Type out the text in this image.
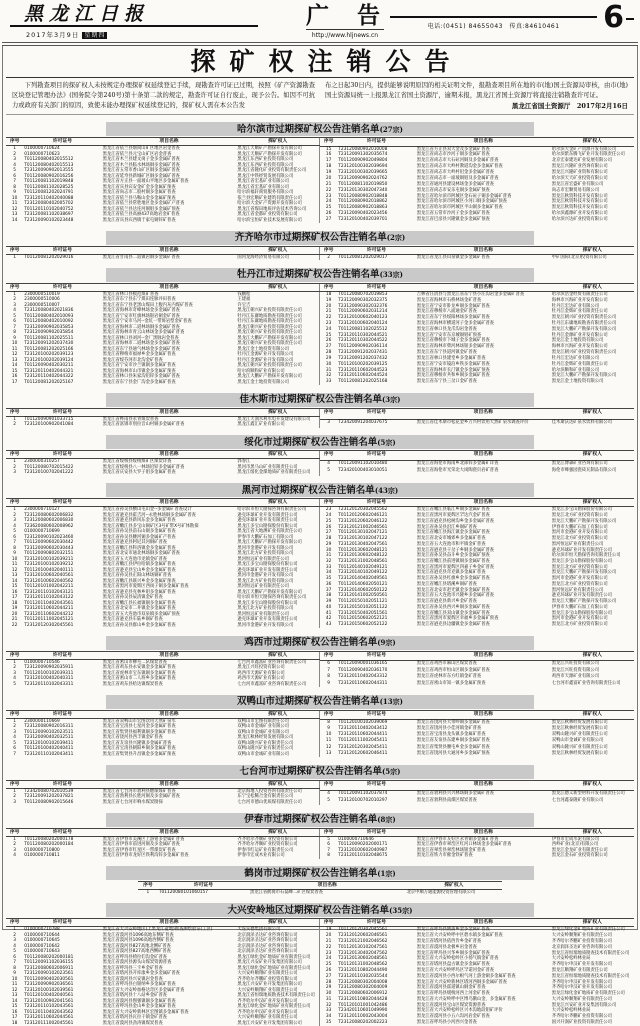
黑龙江日报
2017年3月9日 星期四
广 告
http://www.hljnews.cn
电话:(0451) 84655043　传真:84610461	6
探矿权注销公告

下列勘查项目的探矿权人未按规定办理探矿权延续登记手续，现勘查许可证已过期，按照《矿产资源勘查区块登记管理办法》(国务院令第240号)第十条第二款的规定，勘查许可证自行废止，现予公告。如因不可抗力或政府有关部门的原因，致使未能办理探矿权延续登记的，探矿权人需在本公告发

布之日起30日内，提供能够说明原因的相关证明文件，报勘查项目所在地的市(地)国土资源局审核，由市(地)国土资源局统一上报黑龙江省国土资源厅，逾期未报，黑龙江省国土资源厅将直接注销勘查许可证。
黑龙江省国土资源厅　2017年2月16日

哈尔滨市过期探矿权公告注销名单(27宗)
序号	许可证号	项目名称	探矿权人
1	0100000710624	黑龙江省依兰县烟筒山矿区地区岩金普查	黑龙江天顺矿产勘探开发有限公司
2	0100000710623	黑龙江省依兰县元宝山矿区岩金普查	黑龙江天顺矿产勘探开发有限公司
3	T01120080402015512	黑龙江省木兰县建文岗子金多金属矿普查	黑龙江东西矿业投资有限公司
4	T01120080402015513	黑龙江省木兰县临水林场铜多金属矿普查	黑龙江东西矿业投资有限公司
5	T23120090902013555	黑龙江省五常市香山矿区铜多金属矿普查	黑龙江省隆化矿业投资有限责任公司
6	T01120080902016256	黑龙江省延寿县新城矿区铜多金属矿普查	黑龙江中铁经贸发展有限公司
7	T01120081102019848	黑龙江省方正县一面坡山平地区多金属矿普查	黑龙江省宏基矿业有限公司
8	T01120081102028525	黑龙江省宾县宾安金矿金多金属矿预查	黑龙江省宏基矿业有限公司
9	T01120081202024791	黑龙江省尚志市二股村铜多金属矿普查	哈尔滨福轩商贸服务有限公司
10	T23120110402040088	黑龙江省依兰县马鞍山金多金属矿预查	依兰县宏顺矿业建筑有限责任公司
11	T23120080402005702	黑龙江省依兰县常胜地区金多金属矿产普查	哈尔滨大金矿产资源开发有限公司
12	T01120110102040752	黑龙江省依兰县达连河铜钼多金属矿预查	黑龙江省煤田地质评估技术咨询公司
13	T23120081102038697	黑龙江省依兰县高丽437高地岩金矿普查	黑龙江省金都矿业投资有限公司
14	T23120090102023448	黑龙江省宾县宾西镇于家屯铜锌矿普查	哈尔滨宝恒矿业技术发展有限公司
序号	许可证号	项目名称	探矿权人
15	T23120080902010008	黑龙江省方正县双大金及多金属矿普查	哈尔滨大金矿产资源开发有限公司
16	T23120091302035674	黑龙江省尚志市沙河子铜多金属矿普查	哈尔滨紫东腾飞矿业开发有限责任公司
17	T01120090902049804	黑龙江省尚志市大石砬河铜及多金属矿普查	北京宏泰建达矿业发展有限公司
18	T23120100302039694	黑龙江省尚志市大岭村教道沟金多金属矿普查	黑龙江兴隆矿业咨询有限公司
19	T23120100302039665	黑龙江省尚志市大岭村铅金多金属矿普查	黑龙江兴隆矿业资和有限公司
20	T23120090902024762	黑龙江省尚志市一面坡铜钼及多金属矿普查	哈尔滨天天矿业投资有限公司
21	T01120081102019850	黑龙江省通河县建设林场金多金属矿普查	黑龙江省宏盛矿业有限公司
22	T23120130302047340	黑龙江省尚志市安乐屯铜多金属矿预查	尚志市宏顺贸易有限公司
23	T01120080902018848	黑龙江省哈尔滨市阿城区金石砬子铜多金属矿普查	黑龙江秋资科技开发有限公司
24	T01120080902018862	黑龙江省哈尔滨市阿城区小河口铜多金属矿预查	黑龙江秋资科技开发有限公司
25	T01120080902018863	黑龙江省哈尔滨市阿城区平山铜多金属矿普查	黑龙江秋资科技开发有限公司
26	T23120090402023456	黑龙江省五常市沙河子金多金属矿普查	哈尔滨鑫源矿业开发有限公司
27	T23120100402039701	黑龙江省巴彦县兴隆镇金多金属矿预查	哈尔滨兴达矿业投资有限公司
齐齐哈尔市过期探矿权公告注销名单(2宗)
序号	许可证号	项目名称	探矿权人
1	T01120081202029016	黑龙江省甘南县二道镇岩铜多金属矿普查	国河龙海经济贸易有限公司
序号	许可证号	项目名称	探矿权人
2	T01120081202029017	黑龙江省龙江县山泉镇金多金属矿普查	中矿国际(北京)投资有限公司
牡丹江市过期探矿权公告注销名单(33宗)
序号	许可证号	项目名称	探矿权人
1	2300000510019	黑龙江省林口县模范煤矿普查	钱鹏程
2	2300000510006	黑龙江省东宁县东宁煤田连脉井田普查	王建福
3	2300000510007	黑龙江省东宁县老黑山煤田上腹内灰内煤矿普查	许宝吉
4	T23120080402021836	黑龙江省海林市奇峰林场金多金属矿普查	黑龙江朝兴矿业投资有限责任公司
5	T01120080402010093	黑龙江省宁安市红旗林场银岩铜金矿普查	牡丹江东庸地质勘查有限责任公司
6	T01120080402010092	黑龙江省宁安市马河--金坑一带斑岩型金矿普查	牡丹江东庸地质勘查有限责任公司
7	T23120090902035853	黑龙江省海林市二道林场铜多金属矿普查	黑龙江朝兴矿业投资有限责任公司
8	T23120090902035854	黑龙江省海林市青云山林场金多金属矿普查	黑龙江朝兴矿业投资有限责任公司
9	T01120081102025511	黑龙江省林口县刘河--金厂黑脉岩金普查	黑龙江大鹏矿产勘探开发有限公司
10	T23120091202037430	黑龙江省海林市二道林场金多金属矿普查	黑龙江朝兴矿业投资有限责任公司
11	T01120081202025166	黑龙江省东宁县通气林场金多金属矿普查	黑龙江金土地投资有限公司
12	T23120100202039123	黑龙江省穆棱市福禄乡金多金属矿普查	牡丹江金源矿业开发有限公司
13	T23120100202039124	黑龙江省绥芬河市北沟金矿普查	牡丹江金源矿业开发有限公司
14	T01120090402030211	黑龙江省宁安市沙兰镇铜多金属矿普查	黑龙江朝兴矿业投资有限责任公司
15	T23120110402044321	黑龙江省海林市山市镇金多金属矿预查	哈尔滨顺和矿业有限公司
16	T23120110402044322	黑龙江省林口县朱家沟铅锌多金属矿普查	黑龙江大鹏矿产勘探开发有限公司
17	T01120081202025167	黑龙江省东宁县金厂沟金多金属矿普查	黑龙江金土地投资有限公司
序号	许可证号	项目名称	探矿权人
18	T01120080702019853	吉林省汪清县与黑龙江省东宁县小汪沟岩金多金属矿普查	哈尔滨浩金经贸有限责任公司
19	T23120090302032375	黑龙江省海林市石桥林场金矿普查	海林市兴海矿业开发有限公司
20	T23120090302032376	黑龙江省宁安市卧龙乡铜多金属矿普查	牡丹江宏达矿业有限公司
21	T01120090602031214	黑龙江省穆棱市八面通金矿普查	牡丹江金辉矿业有限责任公司
22	T23120100602040123	黑龙江省东宁县绥阳林场多金属矿普查	黑龙江朝兴矿业投资有限责任公司
23	T23120100602040124	黑龙江省海林市横道河子金多金属矿普查	牡丹江东庸地质勘查有限责任公司
24	T01120081102025512	黑龙江省林口县龙爪沟岩金普查	黑龙江大鹏矿产勘探开发有限公司
25	T23120110302044521	黑龙江省宁安市东京城铜钼矿预查	牡丹江金源矿业开发有限公司
26	T23120110302044522	黑龙江省穆棱市下城子金多金属矿普查	黑龙江金土地投资有限公司
27	T01120090902036114	黑龙江省海林市柴河林场银多金属矿普查	海林市兴海矿业开发有限公司
28	T23120091202037431	黑龙江省东宁县道河镇金矿普查	黑龙江朝兴矿业投资有限责任公司
29	T23120091202037432	黑龙江省林口县建堂乡多金属矿普查	牡丹江宏达矿业有限公司
30	T01120100202039125	黑龙江省宁安市镜泊乡铁多金属矿普查	牡丹江金辉矿业有限责任公司
31	T23120110602044523	黑龙江省海林市长汀镇金多金属矿预查	哈尔滨顺和矿业有限公司
32	T23120110602044524	黑龙江省穆棱市共和乡铜多金属矿普查	黑龙江大鹏矿产勘探开发有限公司
33	T01120081202025168	黑龙江省东宁县三岔口金矿普查	黑龙江金土地投资有限公司
佳木斯市过期探矿权公告注销名单(3宗)
序号	许可证号	项目名称	探矿权人
1	T01120090901033715	黑龙江省桦南县永青煤炭普查	黑龙江天润水利水电开发建设有限公司
2	T23120100902041084	黑龙江省富锦市别拉音山村铜多金属矿普查	黑龙江鑫汇矿业有限公司
序号	许可证号	项目名称	探矿权人
3	T23420091204037675	黑龙江省佳木斯市松花金乡万兴村饮用天然矿泉水调查评价	佳木斯沃达矿泉水饮料有限公司
绥化市过期探矿权公告注销名单(5宗)
序号	许可证号	项目名称	探矿权人
1	2300000310257	黑龙江省绥棱县绥棱煤矿区煤炭详查	郭春江
2	T01120080702015422	黑龙江省绥棱县八一林场铅锌多金属矿普查	黑河市黑马山矿业有限责任公司
3	T23120100702041222	黑龙江省庆安县大罗子钼多金属矿普查	黑龙江绥化金煤地质矿业有限责任公司
序号	许可证号	项目名称	探矿权人
4	T01120091102010480	黑龙江省海伦市海南乡北部锌多金属矿详查	黑龙江博森矿业咨询有限公司
5	T23420100403010051	黑龙江省海伦市光荣北大岗陶瓷页岩矿普查	海伦市峰强园瓷砖瓦制品有限公司
黑河市过期探矿权公告注销名单(43宗)
序号	许可证号	项目名称	探矿权人
1	2300000710127	黑龙江省孙吴县横山屯山金--多金属矿普查设计	哈尔滨市恒天勘探咨询有限责任公司
2	T23120080602006832	黑龙江省逊克县霍吉河--永胜林场铜多金属矿普查	逊克环球矿业开发有限责任公司
3	T23120080602006830	黑龙江省逊克县新风东金多金属矿普查	逊克环球矿业开发有限责任公司
4	T23620080602008962	黑龙江省嫩江县多宝山铜矿区3号矿带X号矿体勘探	黑龙江多宝山勘探股份有限公司
5	0100000710699	黑龙江省孙吴县前石山铜多金属矿普查	黑龙江省大地测矿业有限责任公司
6	T23120090102023460	黑龙江省孙吴县腰河铜多金属矿产普查	伊春市大鹏矿石加工有限公司
7	T01120090602030442	黑龙江省逊克县阿尼其河铜矿普查	黑龙江天鹏矿产勘探开发有限公司
8	T23120090602030443	黑龙江省嫩江县科洛镇金多金属矿普查	黑河市金港矿业开发有限公司
9	T01120090802032151	黑龙江省北安市通北林场铜多金属矿普查	黑龙江北方矿业投资有限公司
10	T23120100102039211	黑龙江省五大连池市龙镇金矿普查	黑河恒远矿业有限责任公司
11	T23120100102039212	黑龙江省嫩江县伊拉哈镇多金属矿普查	黑龙江多宝山勘探股份有限公司
12	T01120100402040111	黑龙江省逊克县宝山乡金多金属矿普查	逊克环球矿业开发有限责任公司
13	T23120100602040561	黑龙江省孙吴县正阳山林场铜矿普查	黑河市金港矿业开发有限公司
14	T23120100602040562	黑龙江省嫩江县联兴乡金多金属矿预查	黑龙江北方矿业投资有限公司
15	T01120101002042211	黑龙江省黑河市爱辉区西岗子铜多金属矿普查	黑河恒远矿业有限责任公司
16	T23120110102043121	黑龙江省逊克县克林乡钼多金属矿普查	黑龙江天鹏矿产勘探开发有限公司
17	T23120110102043122	黑龙江省孙吴县辰清镇金矿普查	哈尔滨市恒天勘探咨询有限责任公司
18	T01120110402043561	黑龙江省嫩江县长福镇铜多金属矿普查	黑龙江多宝山勘探股份有限公司
19	T23120110602044211	黑龙江省北安市二井镇金多金属矿普查	黑龙江北方矿业投资有限公司
20	T23120110602044212	黑龙江省五大连池市双泉镇多金属矿预查	黑河恒远矿业有限责任公司
21	T01120111002045121	黑龙江省逊克县车陆乡铜矿普查	逊克环球矿业开发有限责任公司
22	T23120120302045561	黑龙江省孙吴县群山乡金多金属矿普查	黑河市金港矿业开发有限公司
序号	许可证号	项目名称	探矿权人
23	T23120120302045562	黑龙江省嫩江县临江乡铜多金属矿普查	黑龙江多宝山勘探股份有限公司
24	T01120120602046121	黑龙江省黑河市爱辉区罕达汽金矿普查	黑龙江北方矿业投资有限公司
25	T23120120602046122	黑龙江省逊克县松树沟乡金多金属矿普查	黑龙江天鹏矿产勘探开发有限公司
26	T23120121002046561	黑龙江省孙吴县沿江乡铜矿普查	伊春市大鹏矿石加工有限公司
27	T01120130102047121	黑龙江省嫩江县海江镇金多金属矿普查	黑河市金港矿业开发有限公司
28	T23120130102047122	黑龙江省北安市城郊乡多金属矿普查	黑龙江北方矿业投资有限公司
29	T23120130402047561	黑龙江省五大连池市和平镇金矿普查	黑河恒远矿业有限责任公司
30	T01120130602048121	黑龙江省逊克县干岔子乡铜多金属矿普查	逊克环球矿业开发有限责任公司
31	T23120130602048122	黑龙江省孙吴县奋斗乡金多金属矿预查	哈尔滨市恒天勘探咨询有限责任公司
32	T23120131002048561	黑龙江省嫩江县前进镇铜多金属矿普查	黑龙江多宝山勘探股份有限公司
33	T01120140102049121	黑龙江省黑河市爱辉区四嘉子乡金矿普查	黑龙江北方矿业投资有限公司
34	T23120140102049122	黑龙江省逊克县奇克镇多金属矿普查	黑龙江天鹏矿产勘探开发有限公司
35	T23120140402049561	黑龙江省孙吴县红旗乡金多金属矿普查	黑河市金港矿业开发有限公司
36	T01120140602050121	黑龙江省嫩江县塔溪乡铜矿普查	黑龙江北方矿业投资有限公司
37	T23120140602050122	黑龙江省北安市赵光镇金多金属矿普查	黑河恒远矿业有限责任公司
38	T23120141002050561	黑龙江省五大连池市兴隆乡多金属矿普查	逊克环球矿业开发有限责任公司
39	T01120150102051121	黑龙江省逊克县新兴乡金矿普查	黑龙江天鹏矿产勘探开发有限公司
40	T23120150102051122	黑龙江省孙吴县西兴乡铜多金属矿普查	伊春市大鹏矿石加工有限公司
41	T23120150402051561	黑龙江省嫩江县双山镇金多金属矿普查	黑龙江多宝山勘探股份有限公司
42	T01120150602052121	黑龙江省黑河市爱辉区幸福乡多金属矿预查	黑河市金港矿业开发有限公司
43	T23120150602052122	黑龙江省逊克县边疆镇金多金属矿普查	黑龙江北方矿业投资有限公司
鸡西市过期探矿权公告注销名单(9宗)
序号	许可证号	项目名称	探矿权人
1	0100000710546	黑龙江省密山市柳毛二队煤炭普查	七台河市鑫富矿业咨询有限责任公司
2	T23120090902035911	黑龙江省鸡东县永安镇金多金属矿普查	黑龙江兴旺投资有限公司
3	T01120100102039311	黑龙江省虎林市宝东镇铜多金属矿普查	鸡西市天源矿业有限公司
4	T23120100402040311	黑龙江省密山市二人班乡多金属矿普查	鸡西市天源矿业有限公司
5	T23120110102043311	黑龙江省鸡东县哈达镇煤炭普查	七台河市鑫富矿业咨询有限责任公司
序号	许可证号	项目名称	探矿权人
6	T01120090001036165	黑龙江省鸡西市麻山区煤炭普查	黑龙江兴旺投资有限公司
7	T01120090402036170	黑龙江省鸡西市恒山区铜多金属矿普查	黑龙江兴旺投资有限公司
8	T23120110402043312	黑龙江省虎林市东方红镇金矿普查	鸡西市天源矿业有限公司
9	T23120110602044311	黑龙江省密山市知一镇多金属矿预查	七台河市鑫富矿业咨询有限责任公司
双鸭山市过期探矿权公告注销名单(13宗)
序号	许可证号	项目名称	探矿权人
1	2300000110669	黑龙江省双鸭山市宏图饮用天然矿泉水	双鸭山市宏图有限责任公司
2	T23120080902016311	黑龙江省宝清县七星河金多金属矿普查	双鸭山市金诚矿业有限公司
3	T01120090102023511	黑龙江省集贤县福利镇铜多金属矿普查	双鸭山市金诚矿业有限公司
4	T23120090402032511	黑龙江省饶河县西丰镇金矿普查	黑龙江秋林经贸发展有限公司
5	T23120100102039411	黑龙江省友谊县兴隆镇多金属矿普查	双鸭山隆兴矿业有限责任公司
6	T01120100402040411	黑龙江省宝清县朝阳乡铜多金属矿普查	双鸭山隆兴矿业有限责任公司
7	T23120110102043411	黑龙江省集贤县升昌镇金多金属矿预查	双鸭山市金诚矿业有限公司
序号	许可证号	项目名称	探矿权人
8	T01120100102039069	黑龙江省饶河县大带岭铜多金属矿普查	黑龙江秋林经贸发展有限公司
9	T23120110402043412	黑龙江省饶河县小佳河镇金矿普查	黑龙江秋林经贸发展有限公司
10	T23120110602044411	黑龙江省宝清县龙头镇多金属矿普查	双鸭山隆兴矿业有限责任公司
11	T01120111002045411	黑龙江省友谊县东建乡铜多金属矿普查	双鸭山市金诚矿业有限公司
12	T23120120302045411	黑龙江省集贤县腰屯乡金多金属矿普查	双鸭山隆兴矿业有限责任公司
13	T23120120602046411	黑龙江省饶河县大通河乡多金属矿预查	黑龙江秋林经贸发展有限公司
七台河市过期探矿权公告注销名单(5宗)
序号	许可证号	项目名称	探矿权人
1	T23420080702010539	黑龙江省七台河市勃利县燃煤煤矿普查	北京海地人投资咨询有限责任公司
2	T23120091202037821	黑龙江省勃利县长胜河铜及多金属矿普查	东宁宝松稀合金有限责任公司
3	T01120080902015646	黑龙江省七台河市响水煤炭勘探	七台河市德山优质煤有限责任公司
序号	许可证号	项目名称	探矿权人
4	T01120091102037874	黑龙江省勃利县兴兴林场铜多金属矿普查	黑龙江德义新型材料开发有限责任公司
5	T23120100702010297	黑龙江省勃利县南煤区煤炭普查	七台河鑫泰隆矿业有限公司
伊春市过期探矿权公告注销名单(8宗)
序号	许可证号	项目名称	探矿权人
1	T01120080202000178	黑龙江省伊春市美溪区上游钼多金属矿普查	齐齐哈尔齐顺矿业投资有限公司
2	T01120080202000184	黑龙江省伊春市前进河铜及多金属矿普查	齐齐哈尔齐顺矿业投资有限公司
3	0100000710800	黑龙江省伊春市红星区一带煤炭矿普查	伊春市红运矿业有限责任公司
4	0100000710811	黑龙江省伊春市龙好区铁利沟锌多金属矿普查	伊春市宏成木业有限公司
序号	许可证号	项目名称	探矿权人
5	0100000710646	黑龙江省伊春市友好区永青铜多金属矿普查	伊春市宏成水泥有限公司
6	T01120090202000171	黑龙江省伊春市翠峦区红河口林场金多金属矿普查	西岭矿业(北京)有限公司
7	T23120100602040987	黑龙江省翠峦县翠峦林场银金矿普查	黑龙江金龙矿业有限责任公司
8	T23120110102048675	黑龙江省铁力市催金铁矿普查	黑龙江金石矿业投资有限公司
鹤岗市过期探矿权公告注销名单(1宗)
序号	许可证号	项目名称	探矿权人
1	T01120080101060157	黑龙江省鹤岗市石磊峰二矿区煤炭普查	北京中顺万通能源投资管理有限公司
大兴安岭地区过期探矿权公告注销名单(35宗)
序号	许可证号	项目名称	探矿权人
1	0100000710788	黑龙江省大兴安岭地区(上黑龙江盆地)勘查测绘验证(工区)	大连实德集团有限公司
2	0100000710644	黑龙江省漠河县1096高地东侧矿普查	北京润泽圣达矿业咨询有限公司
3	0100000710645	黑龙江省漠河县1096高地西侧矿普查	北京润泽圣达矿业咨询有限公司
4	0100000710642	黑龙江省漠河县827高地北侧矿普查	北京润泽圣达矿业咨询有限公司
5	0100000710643	黑龙江省漠河县827高地西侧矿普查	北京润泽圣达矿业咨询有限公司
6	T01120080202000181	黑龙江省呼玛县椅拉们沟金矿普查	黑龙江绿化金矿地质矿业有限责任公司
7	T01120091102036155	黑龙江省漠河县源头山煤炭资源普查	黑龙江兴安矿业开发集团有限公司
8	T23120080602006911	黑龙江省呼玛县三卡乡金矿普查	黑龙江绿化金矿地质矿业有限责任公司
9	T23120090102023561	黑龙江省塔河县开库康乡金多金属矿普查	大兴安岭顺翔矿业有限责任公司
10	T01120090402030561	黑龙江省漠河县兴安镇岩金普查	齐齐哈尔齐鹏矿业投资有限公司
11	T23120090902036561	黑龙江省呼玛县白银纳乡多金属矿普查	黑龙江兴安矿业开发集团有限公司
12	T23120100102039561	黑龙江省大兴安岭加格达奇区多金属矿普查	大兴安岭顺翔矿业有限责任公司
13	T01120100402040561	黑龙江省塔河县十八站乡金矿普查	黑龙江省恒瑞地质勘查技术有限责任公司
14	T23120100902041561	黑龙江省漠河县图强镇铜多金属矿普查	齐齐哈尔申汉矿业开发有限公司
15	T23120110102043561	黑龙江省呼玛县金山乡金多金属矿普查	黑龙江绿化金矿地质矿业有限责任公司
16	T01120110402043562	黑龙江省大兴安岭新林区宏图镇多金属矿普查	齐齐哈尔申汉矿业开发有限公司
17	T23120110602044561	黑龙江省塔河县瓦拉干镇金矿普查	大兴安岭顺翔矿业有限责任公司
18	T23120111002045561	黑龙江省漠河县劲涛镇煤炭普查	黑龙江兴安矿业开发集团有限公司
序号	许可证号	项目名称	探矿权人
19	T01120120302045561	黑龙江省呼玛县鸥浦乡金多金属矿普查	黑龙江绿化金矿地质矿业有限责任公司
20	T23120120602046561	黑龙江省大兴安岭呼中区碧水镇多金属矿普查	大兴安岭顺翔矿业有限责任公司
21	T23120121002046562	黑龙江省塔河县依西肯乡金矿普查	齐齐哈尔齐鹏矿业投资有限公司
22	T01120130102047561	黑龙江省漠河县北极乡岩金普查	北京润泽圣达矿业咨询有限公司
23	T23120130402047562	黑龙江省呼玛县兴华乡铜多金属矿普查	黑龙江省恒瑞地质勘查技术有限责任公司
24	T23120130602048561	黑龙江省大兴安岭松岭区小扬气镇金矿普查	大兴安岭松岭林业局
25	T01120131002048562	黑龙江省塔河县盘古镇金多金属矿普查	齐齐哈尔申汉矿业开发有限公司
26	T23120110802044490	黑龙江省大兴安岭呼玛区罕诺河金矿普查	黑龙江顺翔矿业有限责任公司
27	T23120110302035544	黑龙江省漠河县小西尔根气河上游金铜多金属矿普查	黑龙江省恒瑞地质勘查技术有限责任公司
28	T23120080302004008	黑龙江省大兴安岭新林区塔河西铜多金属矿普查	齐齐哈尔申汉矿业开发有限公司
29	T23120080302004009	黑龙江省漠河县霍道镇山铜金矿普查	齐齐哈尔申汉矿业开发有限公司
30	T23120080602006912	黑龙江省呼玛县缓棱河西上河金矿普查	黑龙江绿化金矿地质矿业有限责任公司
31	T23120110802044428	黑龙江省大兴安岭呼中区博乌鹅山金、多金属矿普查	大兴安岭顺翔矿业有限责任公司
32	T01120101001042486	黑龙江省漠河县宝山区煤炭资源普查	黑龙江兴安矿业开发集团有限公司
33	T23420110601049990	黑龙江省大兴安岭松岭区兴木沟地段钼矿评价	大兴安岭松岭林业局
34	T23120110002043004	黑龙江省漠河县小五六沟河岩金矿普查	齐齐哈尔齐鹏矿业投资有限公司
35	T23120080202002223	黑龙江省呼玛县小河西兴金普查	国兴开润矿业投资有限责任公司
